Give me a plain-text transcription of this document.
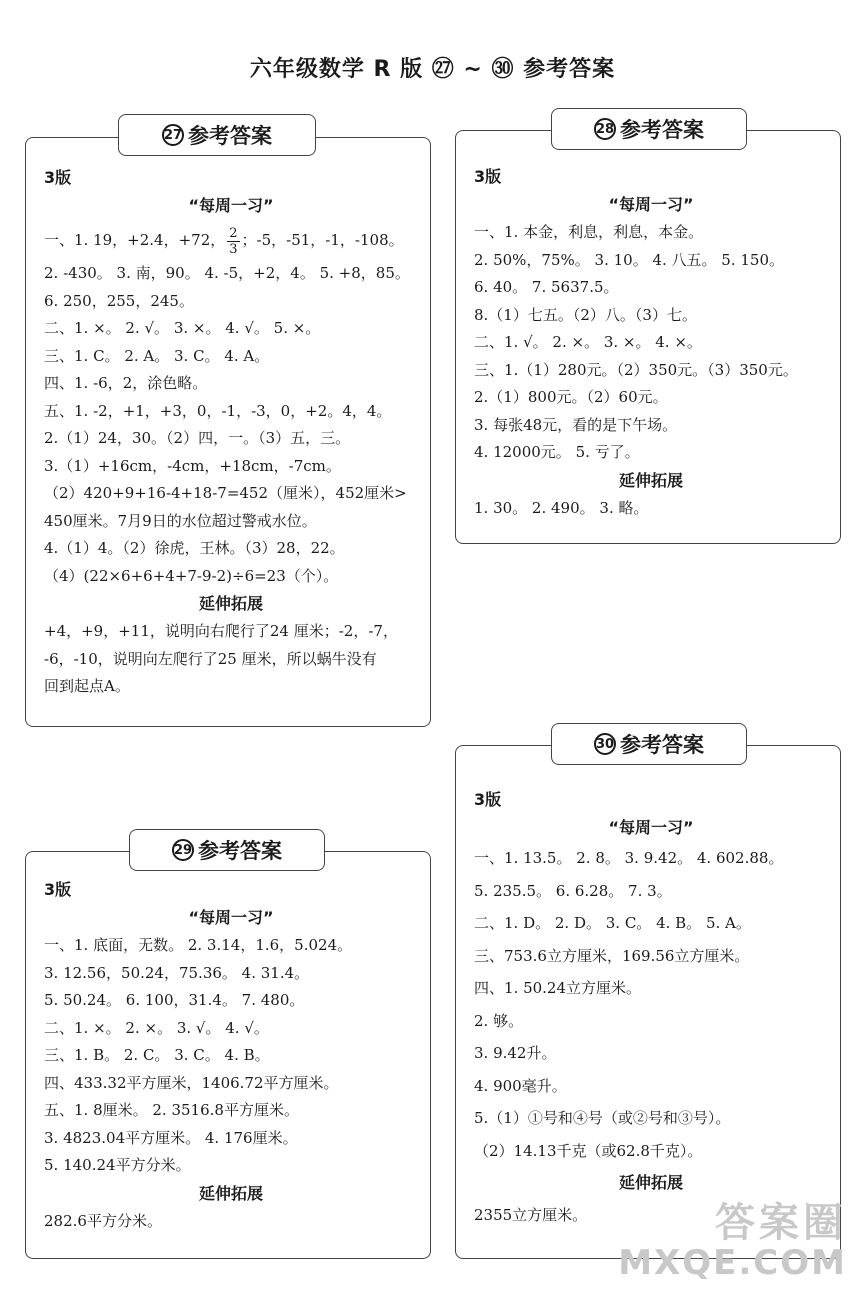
六年级数学 R 版 ㉗ ~ ㉚ 参考答案
3版
“每周一习”
一、1. 19，+2.4，+72， $\frac{2}{3}$ ；-5，-51，-1，-108。
2. -430。 3. 南，90。 4. -5，+2，4。 5. +8，85。
6. 250，255，245。
二、1. ×。 2. √。 3. ×。 4. √。 5. ×。
三、1. C。 2. A。 3. C。 4. A。
四、1. -6，2，涂色略。
五、1. -2，+1，+3，0，-1，-3，0，+2。4，4。
2.（1）24，30。（2）四，一。（3）五，三。
3.（1）+16cm，-4cm，+18cm，-7cm。
（2）420+9+16-4+18-7=452（厘米），452厘米>
450厘米。7月9日的水位超过警戒水位。
4.（1）4。（2）徐虎，王林。（3）28，22。
（4）(22×6+6+4+7-9-2)÷6=23（个）。
延伸拓展
+4，+9，+11，说明向右爬行了24 厘米；-2，-7，
-6，-10，说明向左爬行了25 厘米，所以蜗牛没有
回到起点A。
27 参考答案
3版
“每周一习”
一、1. 本金，利息，利息，本金。
2. 50%，75%。 3. 10。 4. 八五。 5. 150。
6. 40。 7. 5637.5。
8.（1）七五。（2）八。（3）七。
二、1. √。 2. ×。 3. ×。 4. ×。
三、1.（1）280元。（2）350元。（3）350元。
2.（1）800元。（2）60元。
3. 每张48元，看的是下午场。
4. 12000元。 5. 亏了。
延伸拓展
1. 30。 2. 490。 3. 略。
28 参考答案
3版
“每周一习”
一、1. 底面，无数。 2. 3.14，1.6，5.024。
3. 12.56，50.24，75.36。 4. 31.4。
5. 50.24。 6. 100，31.4。 7. 480。
二、1. ×。 2. ×。 3. √。 4. √。
三、1. B。 2. C。 3. C。 4. B。
四、433.32平方厘米，1406.72平方厘米。
五、1. 8厘米。 2. 3516.8平方厘米。
3. 4823.04平方厘米。 4. 176厘米。
5. 140.24平方分米。
延伸拓展
282.6平方分米。
29 参考答案
3版
“每周一习”
一、1. 13.5。 2. 8。 3. 9.42。 4. 602.88。
5. 235.5。 6. 6.28。 7. 3。
二、1. D。 2. D。 3. C。 4. B。 5. A。
三、753.6立方厘米，169.56立方厘米。
四、1. 50.24立方厘米。
2. 够。
3. 9.42升。
4. 900毫升。
5.（1）①号和④号（或②号和③号）。
（2）14.13千克（或62.8千克）。
延伸拓展
2355立方厘米。
30 参考答案
答案圈
MXQE.COM
